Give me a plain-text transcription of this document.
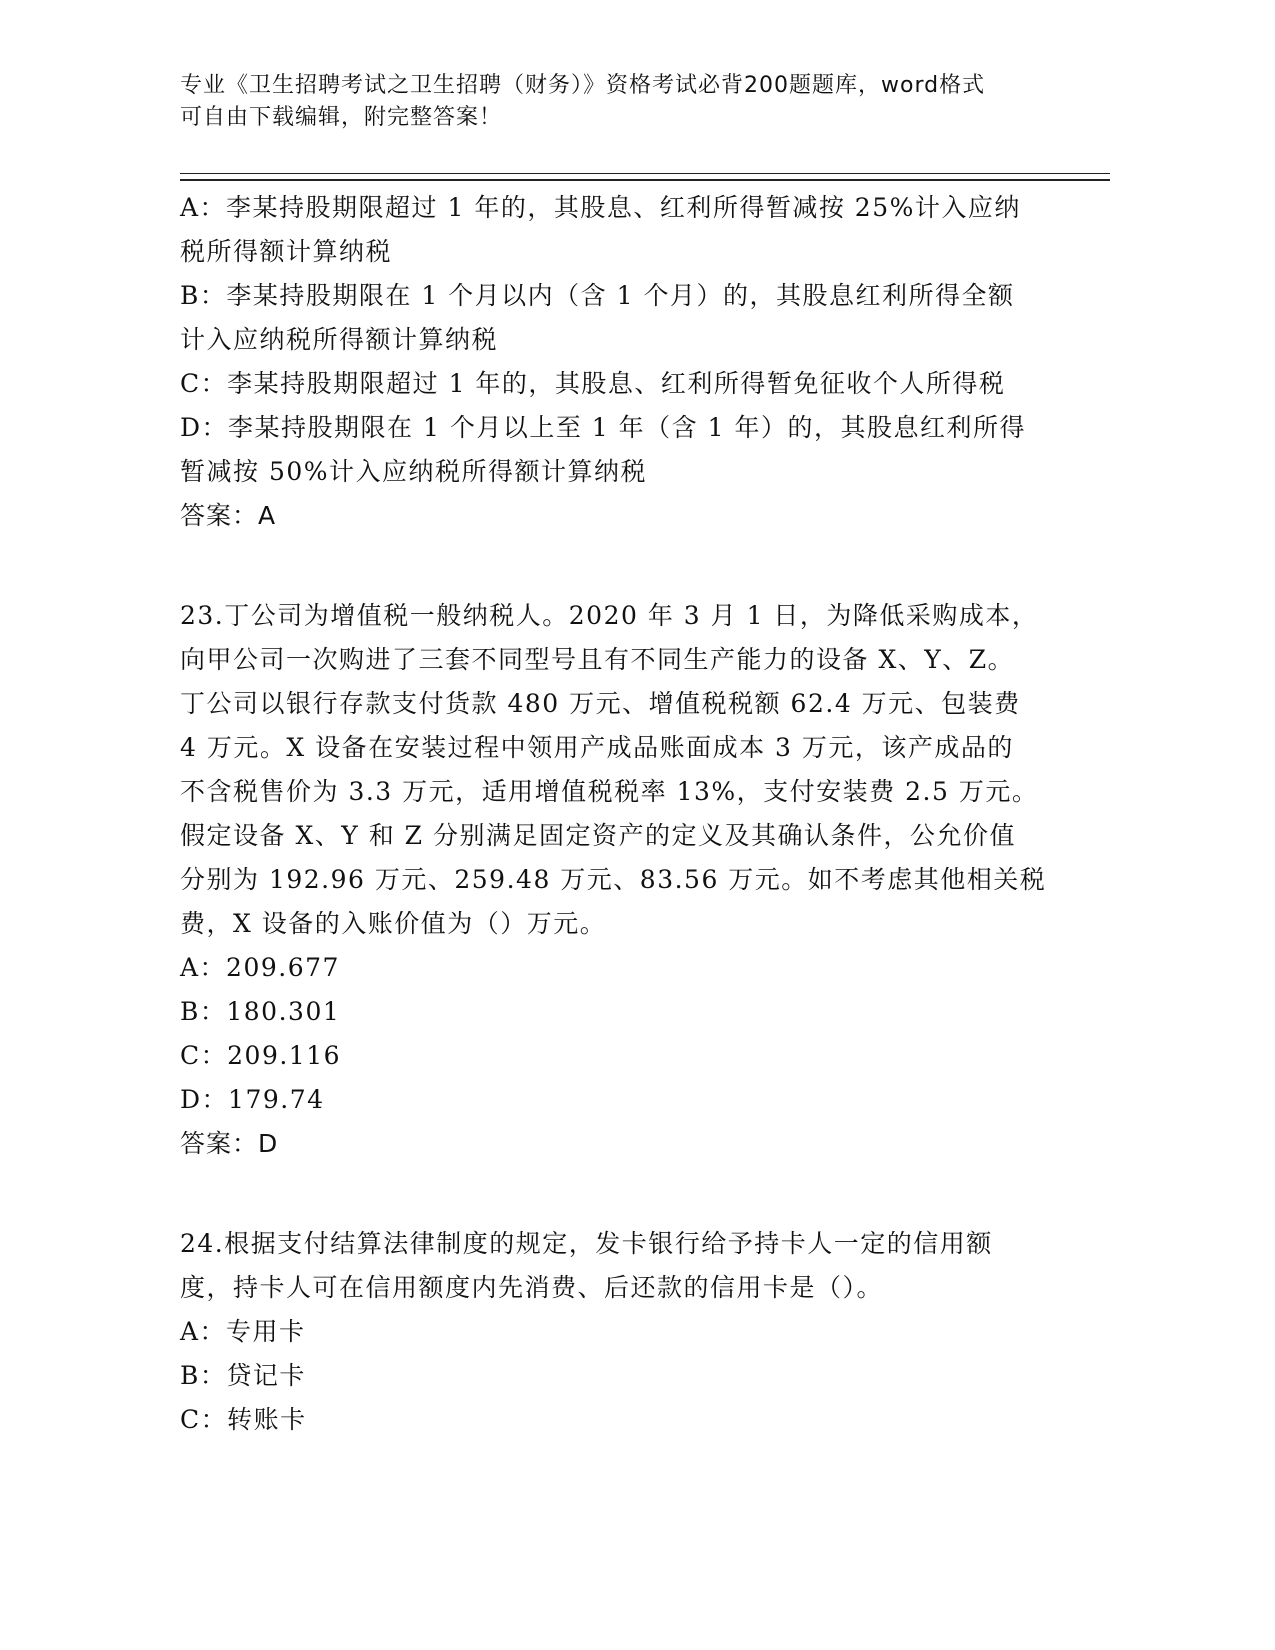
专业《卫生招聘考试之卫生招聘（财务）》资格考试必背200题题库，word格式
可自由下载编辑，附完整答案！
A：李某持股期限超过 1 年的，其股息、红利所得暂减按 25%计入应纳
税所得额计算纳税
B：李某持股期限在 1 个月以内（含 1 个月）的，其股息红利所得全额
计入应纳税所得额计算纳税
C：李某持股期限超过 1 年的，其股息、红利所得暂免征收个人所得税
D：李某持股期限在 1 个月以上至 1 年（含 1 年）的，其股息红利所得
暂减按 50%计入应纳税所得额计算纳税
答案：A
23.丁公司为增值税一般纳税人。2020 年 3 月 1 日，为降低采购成本，
向甲公司一次购进了三套不同型号且有不同生产能力的设备 X、Y、Z。
丁公司以银行存款支付货款 480 万元、增值税税额 62.4 万元、包装费
4 万元。X 设备在安装过程中领用产成品账面成本 3 万元，该产成品的
不含税售价为 3.3 万元，适用增值税税率 13%，支付安装费 2.5 万元。
假定设备 X、Y 和 Z 分别满足固定资产的定义及其确认条件，公允价值
分别为 192.96 万元、259.48 万元、83.56 万元。如不考虑其他相关税
费，X 设备的入账价值为（）万元。
A：209.677
B：180.301
C：209.116
D：179.74
答案：D
24.根据支付结算法律制度的规定，发卡银行给予持卡人一定的信用额
度，持卡人可在信用额度内先消费、后还款的信用卡是（）。
A：专用卡
B：贷记卡
C：转账卡
